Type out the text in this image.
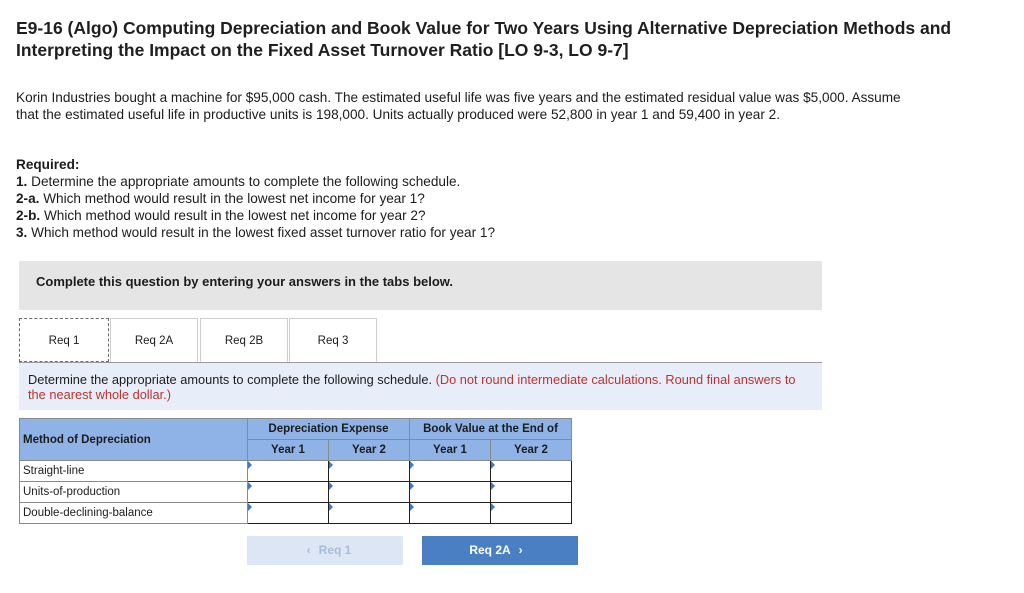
E9-16 (Algo) Computing Depreciation and Book Value for Two Years Using Alternative Depreciation Methods and Interpreting the Impact on the Fixed Asset Turnover Ratio [LO 9-3, LO 9-7]
Korin Industries bought a machine for $95,000 cash. The estimated useful life was five years and the estimated residual value was $5,000. Assume that the estimated useful life in productive units is 198,000. Units actually produced were 52,800 in year 1 and 59,400 in year 2.
Required:
1. Determine the appropriate amounts to complete the following schedule.
2-a. Which method would result in the lowest net income for year 1?
2-b. Which method would result in the lowest net income for year 2?
3. Which method would result in the lowest fixed asset turnover ratio for year 1?
Complete this question by entering your answers in the tabs below.
Req 1	Req 2A	Req 2B	Req 3
Determine the appropriate amounts to complete the following schedule. (Do not round intermediate calculations. Round final answers to the nearest whole dollar.)
Method of Depreciation	Depreciation Expense		Book Value at the End of	
	Year 1	Year 2	Year 1	Year 2
Straight-line	

Units-of-production	

Double-declining-balance	

‹ Req 1	Req 2A ›
